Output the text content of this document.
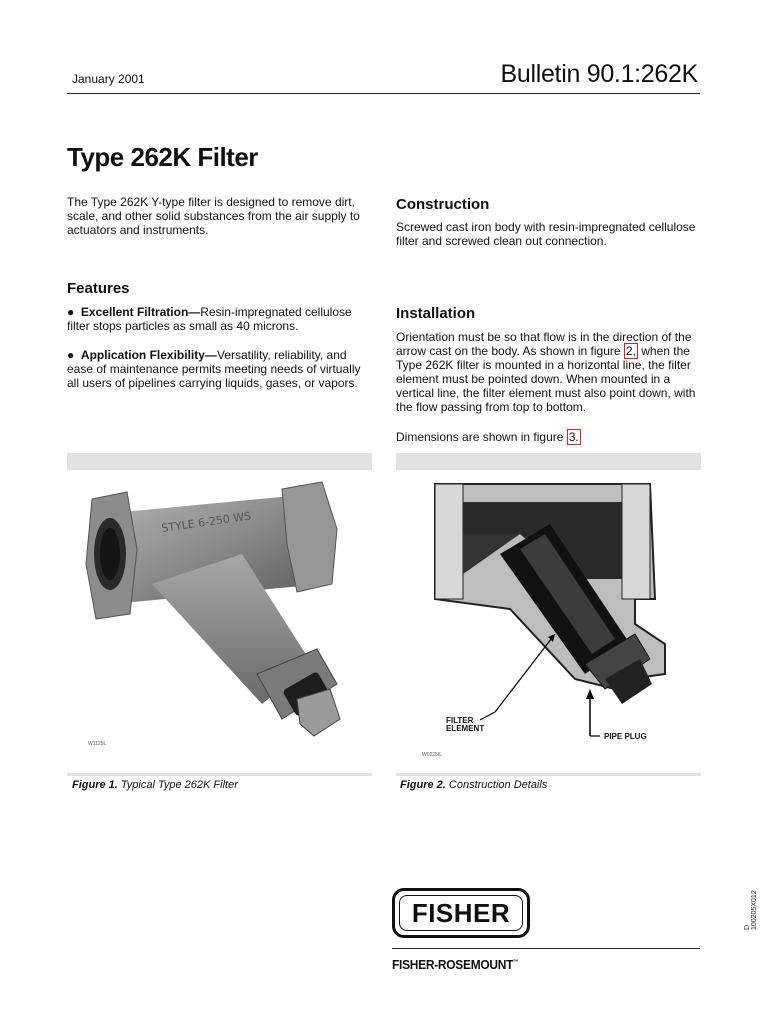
January 2001	Bulletin 90.1:262K
Type 262K Filter
The Type 262K Y-type filter is designed to remove dirt, scale, and other solid substances from the air supply to actuators and instruments.
Features
●  Excellent Filtration—Resin-impregnated cellulose filter stops particles as small as 40 microns.
●  Application Flexibility—Versatility, reliability, and ease of maintenance permits meeting needs of virtually all users of pipelines carrying liquids, gases, or vapors.
Construction
Screwed cast iron body with resin-impregnated cellulose filter and screwed clean out connection.
Installation
Orientation must be so that flow is in the direction of the arrow cast on the body. As shown in figure 2, when the Type 262K filter is mounted in a horizontal line, the filter element must be pointed down. When mounted in a vertical line, the filter element must also point down, with the flow passing from top to bottom.
Dimensions are shown in figure 3.
STYLE 6-250 WS
W1125L
FILTER
ELEMENT
PIPE PLUG
W0225IL
Figure 1. Typical Type 262K Filter	Figure 2. Construction Details
FISHER
FISHER-ROSEMOUNT™
D 100205X012
